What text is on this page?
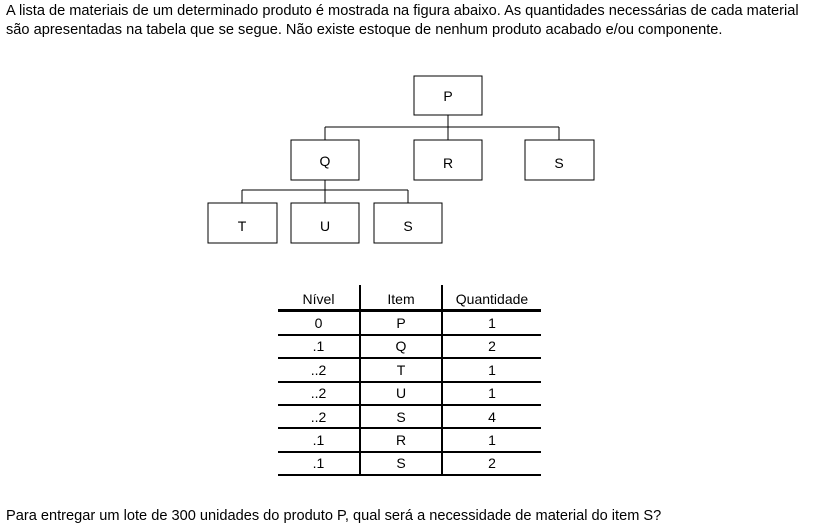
A lista de materiais de um determinado produto é mostrada na figura abaixo. As quantidades necessárias de cada material
são apresentadas na tabela que se segue. Não existe estoque de nenhum produto acabado e/ou componente.

P
Q	R	S
T	U	S
Nível	Item	Quantidade
0	P	1
.1	Q	2
..2	T	1
..2	U	1
..2	S	4
.1	R	1
.1	S	2

Para entregar um lote de 300 unidades do produto P, qual será a necessidade de material do item S?
